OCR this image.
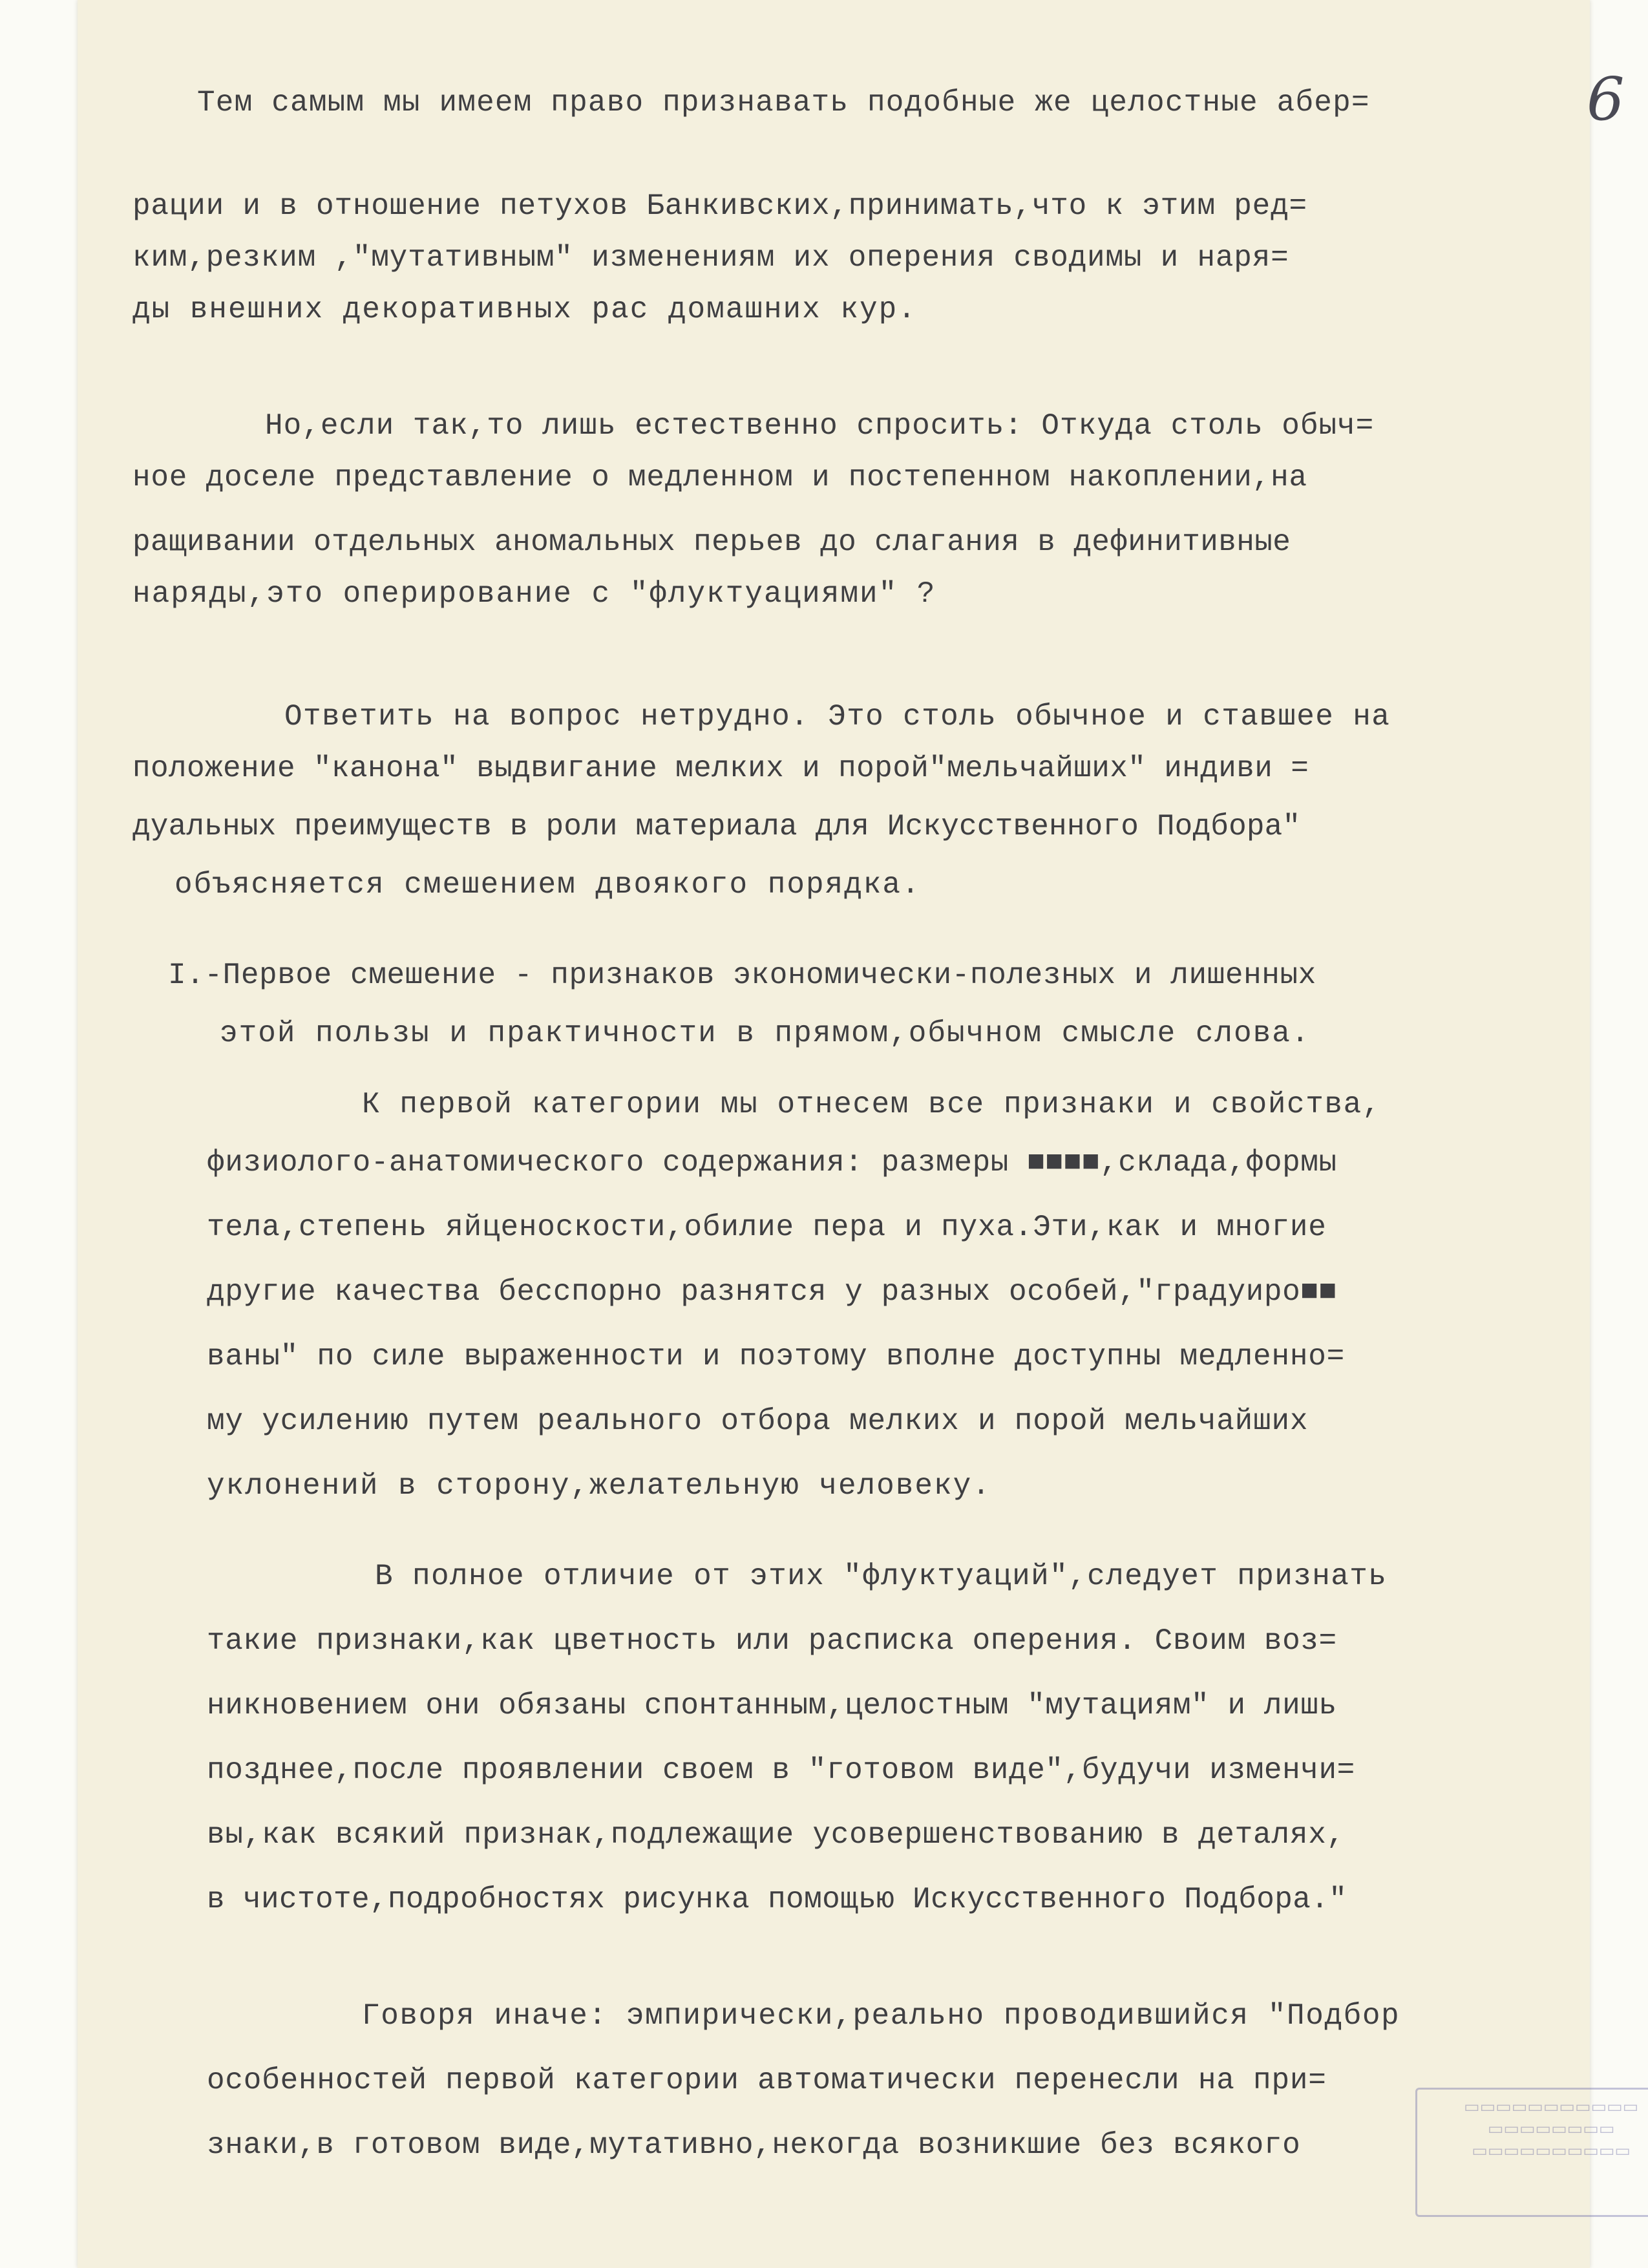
6
▭▭▭▭▭▭▭▭▭▭▭
▭▭▭▭▭▭▭▭
▭▭▭▭▭▭▭▭▭▭
Тем самым мы имеем право признавать подобные же целостные абер=
рации и в отношение петухов Банкивских,принимать,что к этим ред=
ким,резким ,"мутативным" изменениям их оперения сводимы и наря=
ды внешних декоративных рас домашних кур.
Но,если так,то лишь естественно спросить: Откуда столь обыч=
ное доселе представление о медленном и постепенном накоплении,на
ращивании отдельных аномальных перьев до слагания в дефинитивные
наряды,это оперирование с "флуктуациями" ?
Ответить на вопрос нетрудно. Это столь обычное и ставшее на
положение "канона" выдвигание мелких и порой"мельчайших" индиви =
дуальных преимуществ в роли материала для Искусственного Подбора"
объясняется смешением двоякого порядка.
I.-Первое смешение - признаков экономически-полезных и лишенных
этой пользы и практичности в прямом,обычном смысле слова.
К первой категории мы отнесем все признаки и свойства,
физиолого-анатомического содержания: размеры ■■■■,склада,формы
тела,степень яйценоскости,обилие пера и пуха.Эти,как и многие
другие качества бесспорно разнятся у разных особей,"градуиро■■
ваны" по силе выраженности и поэтому вполне доступны медленно=
му усилению путем реального отбора мелких и порой мельчайших
уклонений в сторону,желательную человеку.
В полное отличие от этих "флуктуаций",следует признать
такие признаки,как цветность или расписка оперения. Своим воз=
никновением они обязаны спонтанным,целостным "мутациям" и лишь
позднее,после проявлении своем в "готовом виде",будучи изменчи=
вы,как всякий признак,подлежащие усовершенствованию в деталях,
в чистоте,подробностях рисунка помощью Искусственного Подбора."
Говоря иначе: эмпирически,реально проводившийся "Подбор
особенностей первой категории автоматически перенесли на при=
знаки,в готовом виде,мутативно,некогда возникшие без всякого
